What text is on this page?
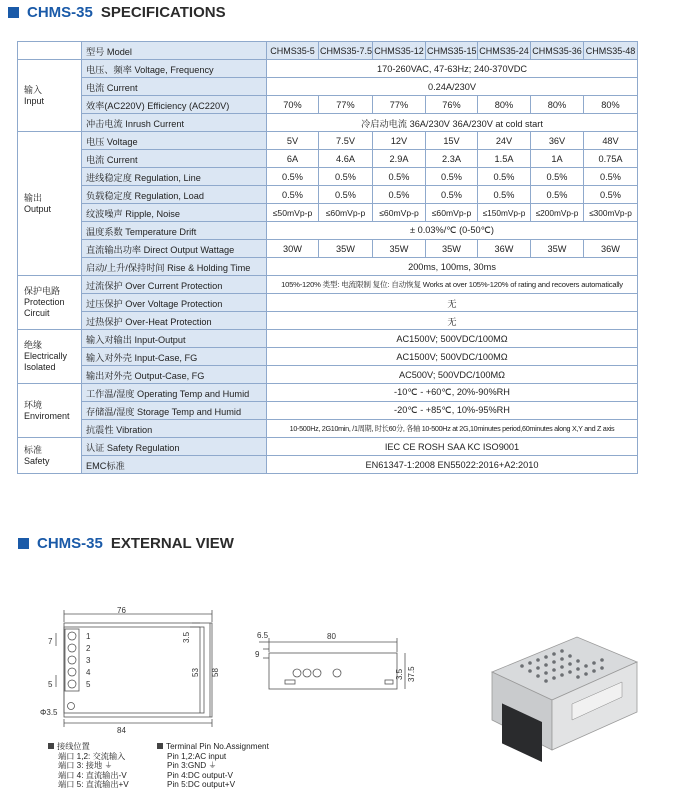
CHMS-35 SPECIFICATIONS
	型号 Model	CHMS35-5	CHMS35-7.5	CHMS35-12	CHMS35-15	CHMS35-24	CHMS35-36	CHMS35-48
输入
Input	电压、频率 Voltage, Frequency	170-260VAC, 47-63Hz; 240-370VDC						
	电流 Current	0.24A/230V						
	效率(AC220V) Efficiency (AC220V)	70%	77%	77%	76%	80%	80%	80%
	冲击电流 Inrush Current	冷启动电流 36A/230V 36A/230V at cold start						
输出
Output	电压 Voltage	5V	7.5V	12V	15V	24V	36V	48V
	电流 Current	6A	4.6A	2.9A	2.3A	1.5A	1A	0.75A
	进线稳定度 Regulation, Line	0.5%	0.5%	0.5%	0.5%	0.5%	0.5%	0.5%
	负载稳定度 Regulation, Load	0.5%	0.5%	0.5%	0.5%	0.5%	0.5%	0.5%
	纹波噪声 Ripple, Noise	≤50mVp-p	≤60mVp-p	≤60mVp-p	≤60mVp-p	≤150mVp-p	≤200mVp-p	≤300mVp-p
	温度系数 Temperature Drift	± 0.03%/℃ (0-50℃)						
	直流输出功率 Direct Output Wattage	30W	35W	35W	35W	36W	35W	36W
	启动/上升/保持时间 Rise & Holding Time	200ms, 100ms, 30ms						
保护电路
Protection
Circuit	过流保护 Over Current Protection	105%-120% 类型: 电流限制 复位: 自动恢复 Works at over 105%-120% of rating and recovers automatically						
	过压保护 Over Voltage Protection	无						
	过热保护 Over-Heat Protection	无						
绝缘
Electrically
Isolated	输入对输出 Input-Output	AC1500V; 500VDC/100MΩ						
	输入对外壳 Input-Case, FG	AC1500V; 500VDC/100MΩ						
	输出对外壳 Output-Case, FG	AC500V; 500VDC/100MΩ						
环境
Enviroment	工作温/湿度 Operating Temp and Humid	-10℃ - +60℃, 20%-90%RH						
	存储温/湿度 Storage Temp and Humid	-20℃ - +85℃, 10%-95%RH						
	抗震性 Vibration	10-500Hz, 2G10min, /1周期, 时长60分, 各轴 10-500Hz at 2G,10minutes period,60minutes along X,Y and Z axis						
标准
Safety	认证 Safety Regulation	IEC CE ROSH SAA KC ISO9001						
	EMC标准	EN61347-1:2008 EN55022:2016+A2:2010						
CHMS-35 EXTERNAL VIEW
1
2
3
4
5
76
84
7
5
Φ3.5
3.5
53 58
6.5	80
9
3.5 37.5
接线位置
端口 1,2: 交流输入
端口 3: 接地 ⏚
端口 4: 直流输出-V
端口 5: 直流输出+V
Terminal Pin No.Assignment
Pin 1,2:AC input
Pin 3:GND ⏚
Pin 4:DC output-V
Pin 5:DC output+V
